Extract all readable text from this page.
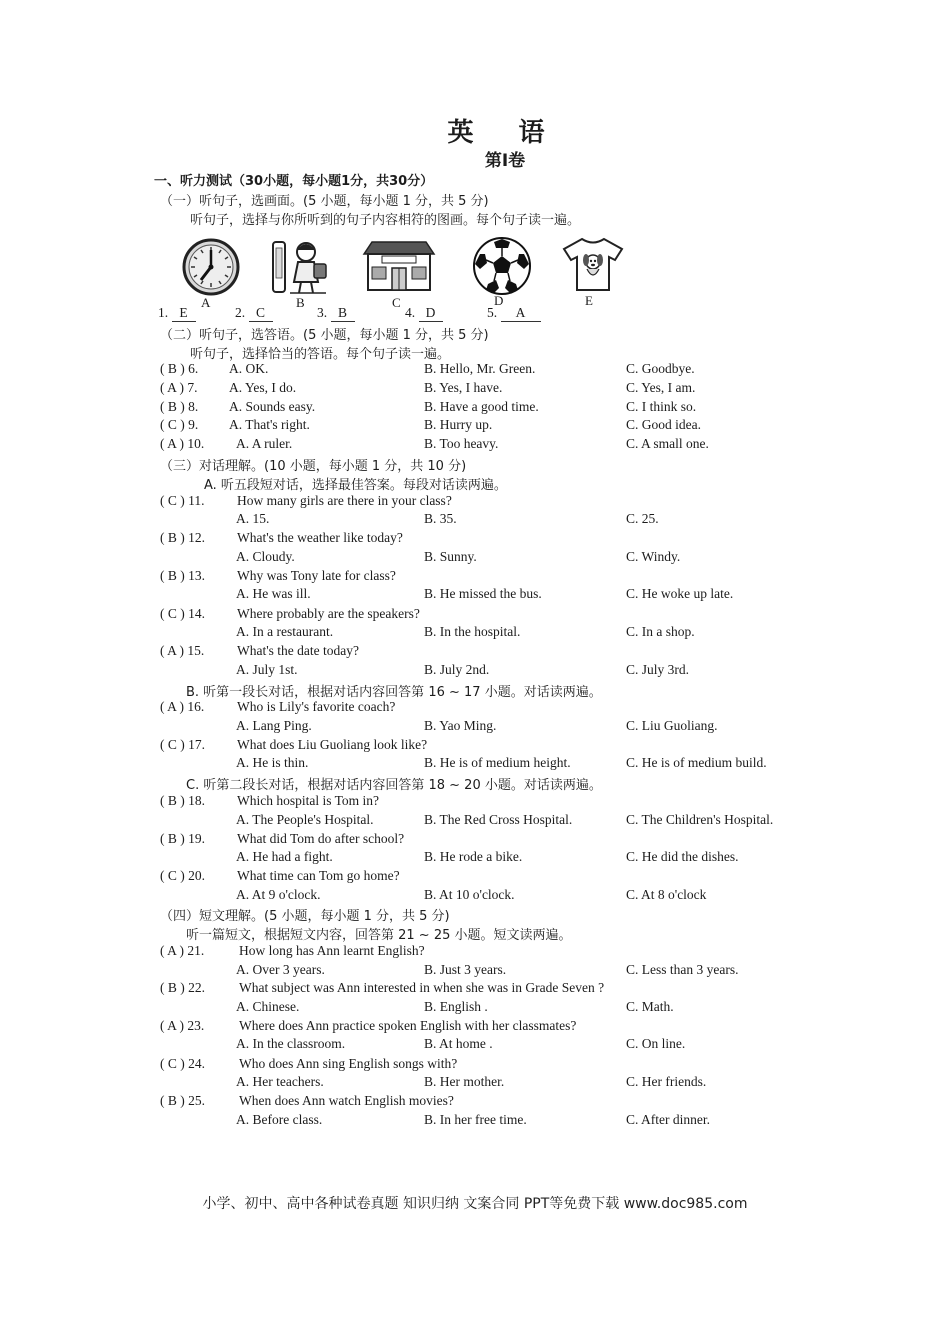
英 语
第Ⅰ卷
一、听力测试（30小题，每小题1分，共30分）
（一）听句子，选画面。(5 小题，每小题 1 分，共 5 分)
听句子，选择与你所听到的句子内容相符的图画。每个句子读一遍。
A	B	C	D	E
1. E	2. C	3. B	4. D	5. A
（二）听句子，选答语。(5 小题，每小题 1 分，共 5 分)
听句子，选择恰当的答语。每个句子读一遍。
( B ) 6. A. OK.	B. Hello, Mr. Green.	C. Goodbye.
( A ) 7. A. Yes, I do.	B. Yes, I have.	C. Yes, I am.
( B ) 8. A. Sounds easy.	B. Have a good time.	C. I think so.
( C ) 9. A. That's right.	B. Hurry up.	C. Good idea.
( A ) 10. A. A ruler.	B. Too heavy.	C. A small one.
（三）对话理解。(10 小题，每小题 1 分，共 10 分)
A. 听五段短对话，选择最佳答案。每段对话读两遍。
( C ) 11. How many girls are there in your class?
A. 15.	B. 35.	C. 25.
( B ) 12. What's the weather like today?
A. Cloudy.	B. Sunny.	C. Windy.
( B ) 13. Why was Tony late for class?
A. He was ill.	B. He missed the bus.	C. He woke up late.
( C ) 14. Where probably are the speakers?
A. In a restaurant.	B. In the hospital.	C. In a shop.
( A ) 15. What's the date today?
A. July 1st.	B. July 2nd.	C. July 3rd.
B. 听第一段长对话，根据对话内容回答第 16 ~ 17 小题。对话读两遍。
( A ) 16. Who is Lily's favorite coach?
A. Lang Ping.	B. Yao Ming.	C. Liu Guoliang.
( C ) 17. What does Liu Guoliang look like?
A. He is thin.	B. He is of medium height.	C. He is of medium build.
C. 听第二段长对话，根据对话内容回答第 18 ~ 20 小题。对话读两遍。
( B ) 18. Which hospital is Tom in?
A. The People's Hospital.	B. The Red Cross Hospital.	C. The Children's Hospital.
( B ) 19. What did Tom do after school?
A. He had a fight.	B. He rode a bike.	C. He did the dishes.
( C ) 20. What time can Tom go home?
A. At 9 o'clock.	B. At 10 o'clock.	C. At 8 o'clock
（四）短文理解。(5 小题，每小题 1 分，共 5 分)
听一篇短文，根据短文内容，回答第 21 ~ 25 小题。短文读两遍。
( A ) 21.	How long has Ann learnt English?
A. Over 3 years.	B. Just 3 years.	C. Less than 3 years.
( B ) 22.	What subject was Ann interested in when she was in Grade Seven ?
A. Chinese.	B. English .	C. Math.
( A ) 23.	Where does Ann practice spoken English with her classmates?
A. In the classroom.	B. At home .	C. On line.
( C ) 24.	Who does Ann sing English songs with?
A. Her teachers.	B. Her mother.	C. Her friends.
( B ) 25.	When does Ann watch English movies?
A. Before class.	B. In her free time.	C. After dinner.
小学、初中、高中各种试卷真题 知识归纳 文案合同 PPT等免费下载 www.doc985.com
